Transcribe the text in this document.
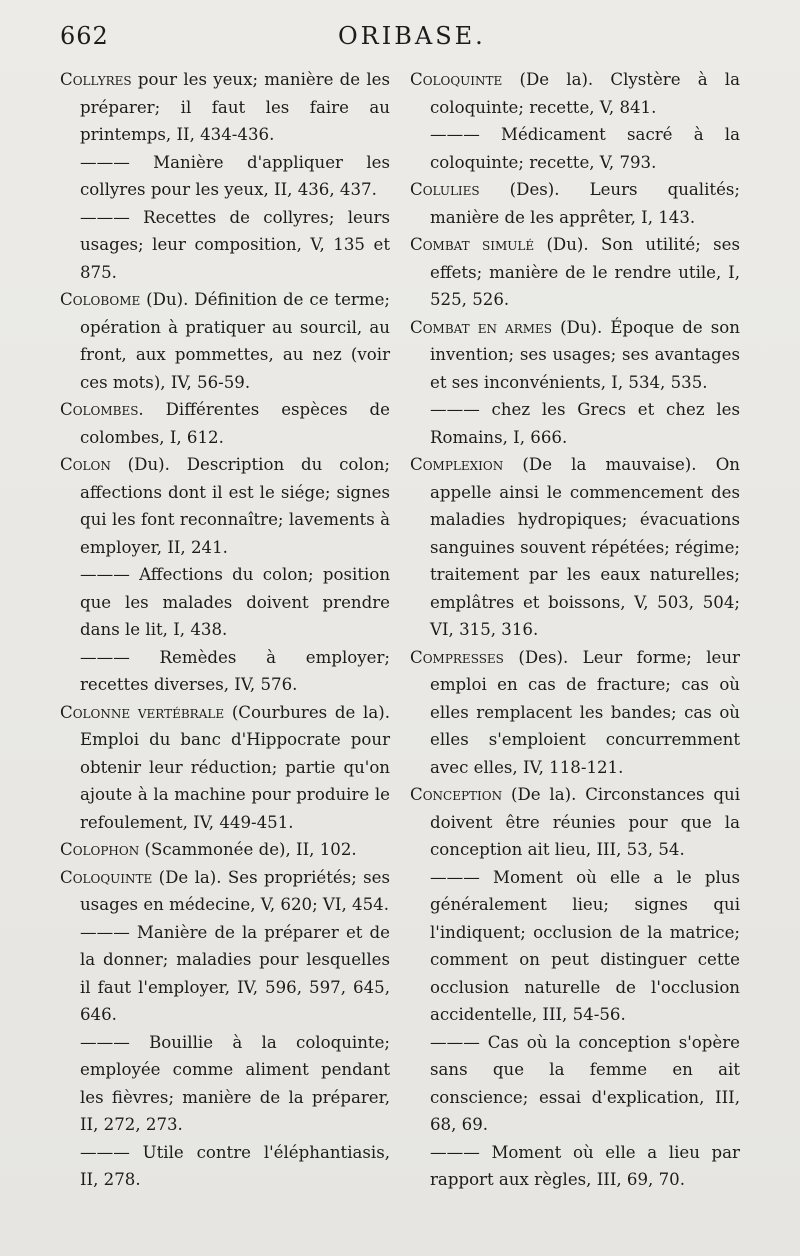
662	ORIBASE.

Collyres pour les yeux; manière de les préparer; il faut les faire au printemps, II, 434-436.

——— Manière d'appliquer les collyres pour les yeux, II, 436, 437.

——— Recettes de collyres; leurs usages; leur composition, V, 135 et 875.

Colobome (Du). Définition de ce terme; opération à pratiquer au sourcil, au front, aux pommettes, au nez (voir ces mots), IV, 56-59.

Colombes. Différentes espèces de colombes, I, 612.

Colon (Du). Description du colon; affections dont il est le siége; signes qui les font reconnaître; lavements à employer, II, 241.

——— Affections du colon; position que les malades doivent prendre dans le lit, I, 438.

——— Remèdes à employer; recettes diverses, IV, 576.

Colonne vertébrale (Courbures de la). Emploi du banc d'Hippocrate pour obtenir leur réduction; partie qu'on ajoute à la machine pour produire le refoulement, IV, 449-451.

Colophon (Scammonée de), II, 102.

Coloquinte (De la). Ses propriétés; ses usages en médecine, V, 620; VI, 454.

——— Manière de la préparer et de la donner; maladies pour lesquelles il faut l'employer, IV, 596, 597, 645, 646.

——— Bouillie à la coloquinte; employée comme aliment pendant les fièvres; manière de la préparer, II, 272, 273.

——— Utile contre l'éléphantiasis, II, 278.

Coloquinte (De la). Clystère à la coloquinte; recette, V, 841.

——— Médicament sacré à la coloquinte; recette, V, 793.

Colulies (Des). Leurs qualités; manière de les apprêter, I, 143.

Combat simulé (Du). Son utilité; ses effets; manière de le rendre utile, I, 525, 526.

Combat en armes (Du). Époque de son invention; ses usages; ses avantages et ses inconvénients, I, 534, 535.

——— chez les Grecs et chez les Romains, I, 666.

Complexion (De la mauvaise). On appelle ainsi le commencement des maladies hydropiques; évacuations sanguines souvent répétées; régime; traitement par les eaux naturelles; emplâtres et boissons, V, 503, 504; VI, 315, 316.

Compresses (Des). Leur forme; leur emploi en cas de fracture; cas où elles remplacent les bandes; cas où elles s'emploient concurremment avec elles, IV, 118-121.

Conception (De la). Circonstances qui doivent être réunies pour que la conception ait lieu, III, 53, 54.

——— Moment où elle a le plus généralement lieu; signes qui l'indiquent; occlusion de la matrice; comment on peut distinguer cette occlusion naturelle de l'occlusion accidentelle, III, 54-56.

——— Cas où la conception s'opère sans que la femme en ait conscience; essai d'explication, III, 68, 69.

——— Moment où elle a lieu par rapport aux règles, III, 69, 70.
